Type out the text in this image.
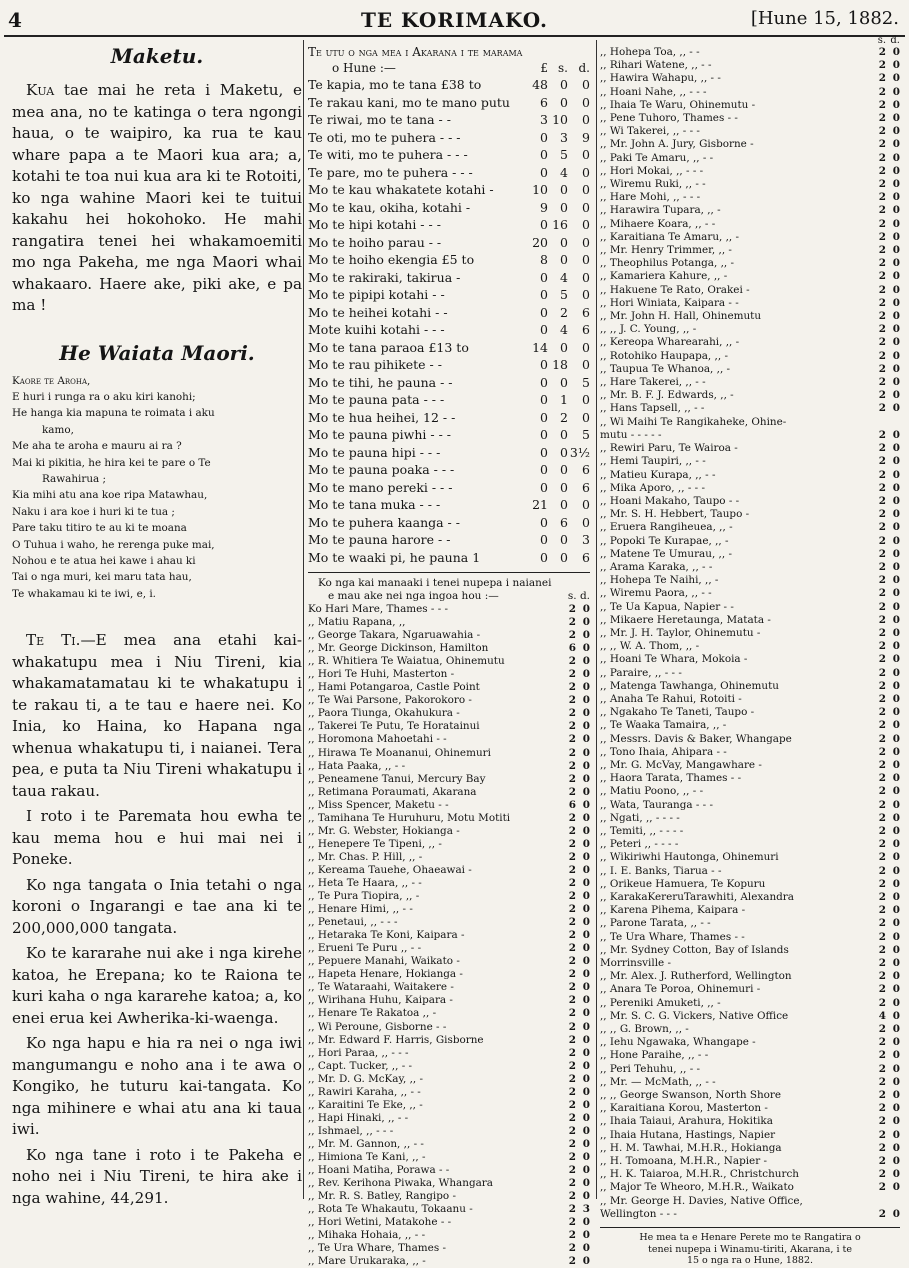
4	TE KORIMAKO.	[Hune 15, 1882.
Maketu.

Kua tae mai he reta i Maketu, e mea ana, no te katinga o tera ngongi haua, o te waipiro, ka rua te kau whare papa a te Maori kua ara; a, kotahi te toa nui kua ara ki te Rotoiti, ko nga wahine Maori kei te tuitui kakahu hei hokohoko. He mahi rangatira tenei hei whakamoemiti mo nga Pakeha, me nga Maori whai whakaaro. Haere ake, piki ake, e pa ma !

He Waiata Maori.
Kaore te Aroha,
E huri i runga ra o aku kiri kanohi;
He hanga kia mapuna te roimata i aku
kamo,
Me aha te aroha e mauru ai ra ?
Mai ki pikitia, he hira kei te pare o Te
Rawahirua ;
Kia mihi atu ana koe ripa Matawhau,
Naku i ara koe i huri ki te tua ;
Pare taku titiro te au ki te moana
O Tuhua i waho, he rerenga puke mai,
Nohou e te atua hei kawe i ahau ki
Tai o nga muri, kei maru tata hau,
Te whakamau ki te iwi, e, i.

Te Ti.—E mea ana etahi kai-whakatupu mea i Niu Tireni, kia whakamatamatau ki te whakatupu i te rakau ti, a te tau e haere nei. Ko Inia, ko Haina, ko Hapana nga whenua whakatupu ti, i naianei. Tera pea, e puta ta Niu Tireni whakatupu i taua rakau.

I roto i te Paremata hou ewha te kau mema hou e hui mai nei i Poneke.

Ko nga tangata o Inia tetahi o nga koroni o Ingarangi e tae ana ki te 200,000,000 tangata.

Ko te kararahe nui ake i nga kirehe katoa, he Erepana; ko te Raiona te kuri kaha o nga kararehe katoa; a, ko enei erua kei Awherika-ki-waenga.

Ko nga hapu e hia ra nei o nga iwi mangumangu e noho ana i te awa o Kongiko, he tuturu kai-tangata. Ko nga mihinere e whai atu ana ki taua iwi.

Ko nga tane i roto i te Pakeha e noho nei i Niu Tireni, te hira ake i nga wahine, 44,291.

Te utu o nga mea i Akarana i te marama
o Hune :—	£ s. d.
Te kapia, mo te tana £38 to	48 0	0
Te rakau kani, mo te mano putu	6 0	0
Te riwai, mo te tana - -	3 10	0
Te oti, mo te puhera - - -	0 3	9
Te witi, mo te puhera - - -	0 5	0
Te pare, mo te puhera - - -	0 4	0
Mo te kau whakatete kotahi -	10 0	0
Mo te kau, okiha, kotahi -	9 0	0
Mo te hipi kotahi - - -	0 16	0
Mo te hoiho parau - -	20 0	0
Mo te hoiho ekengia £5 to	8 0	0
Mo te rakiraki, takirua -	0 4	0
Mo te pipipi kotahi - -	0 5	0
Mo te heihei kotahi - -	0 2	6
Mote kuihi kotahi - - -	0 4	6
Mo te tana paraoa £13 to	14 0	0
Mo te rau pihikete - -	0 18	0
Mo te tihi, he pauna - -	0 0	5
Mo te pauna pata - - -	0 1	0
Mo te hua heihei, 12 - -	0 2	0
Mo te pauna piwhi - - -	0 0	5
Mo te pauna hipi - - -	0 0 3½
Mo te pauna poaka - - -	0 0	6
Mo te mano pereki - - -	0 0	6
Mo te tana muka - - -	21 0	0
Mo te puhera kaanga - -	0 6	0
Mo te pauna harore - -	0 0	3
Mo te waaki pi, he pauna 1	0 0	6
Ko nga kai manaaki i tenei nupepa i naianei
e mau ake nei nga ingoa hou :—	s. d.
Ko Hari Mare, Thames - - -	2 0
,, Matiu Rapana, ,,	2 0
,, George Takara, Ngaruawahia -	2 0
,, Mr. George Dickinson, Hamilton	6 0
,, R. Whitiera Te Waiatua, Ohinemutu	2 0
,, Hori Te Huhi, Masterton -	2 0
,, Hami Potangaroa, Castle Point	2 0
,, Te Wai Parsone, Pakorokoro -	2 0
,, Paora Tiunga, Okahukura -	2 0
,, Takerei Te Putu, Te Horatainui	2 0
,, Horomona Mahoetahi - -	2 0
,, Hirawa Te Moananui, Ohinemuri	2 0
,, Hata Paaka, ,, - -	2 0
,, Peneamene Tanui, Mercury Bay	2 0
,, Retimana Poraumati, Akarana	2 0
,, Miss Spencer, Maketu - -	6 0
,, Tamihana Te Huruhuru, Motu Motiti	2 0
,, Mr. G. Webster, Hokianga -	2 0
,, Henepere Te Tipeni, ,, -	2 0
,, Mr. Chas. P. Hill, ,, -	2 0
,, Kereama Tauehe, Ohaeawai -	2 0
,, Heta Te Haara, ,, - -	2 0
,, Te Pura Tiopira, ,, -	2 0
,, Henare Himi, ,, - -	2 0
,, Penetaui, ,, - - -	2 0
,, Hetaraka Te Koni, Kaipara -	2 0
,, Erueni Te Puru ,, - -	2 0
,, Pepuere Manahi, Waikato -	2 0
,, Hapeta Henare, Hokianga -	2 0
,, Te Wataraahi, Waitakere -	2 0
,, Wirihana Huhu, Kaipara -	2 0
,, Henare Te Rakatoa ,, -	2 0
,, Wi Peroune, Gisborne - -	2 0
,, Mr. Edward F. Harris, Gisborne	2 0
,, Hori Paraa, ,, - - -	2 0
,, Capt. Tucker, ,, - -	2 0
,, Mr. D. G. McKay, ,, -	2 0
,, Rawiri Karaha, ,, - -	2 0
,, Karaitini Te Eke, ,, -	2 0
,, Hapi Hinaki, ,, - -	2 0
,, Ishmael, ,, - - -	2 0
,, Mr. M. Gannon, ,, - -	2 0
,, Himiona Te Kani, ,, -	2 0
,, Hoani Matiha, Porawa - -	2 0
,, Rev. Kerihona Piwaka, Whangara	2 0
,, Mr. R. S. Batley, Rangipo -	2 0
,, Rota Te Whakautu, Tokaanu -	2 3
,, Hori Wetini, Matakohe - -	2 0
,, Mihaka Hohaia, ,, - -	2 0
,, Te Ura Whare, Thames -	2 0
,, Mare Urukaraka, ,, -	2 0
s. d.
,, Hohepa Toa, ,, - -	2 0
,, Rihari Watene, ,, - -	2 0
,, Hawira Wahapu, ,, - -	2 0
,, Hoani Nahe, ,, - - -	2 0
,, Ihaia Te Waru, Ohinemutu -	2 0
,, Pene Tuhoro, Thames - -	2 0
,, Wi Takerei, ,, - - -	2 0
,, Mr. John A. Jury, Gisborne -	2 0
,, Paki Te Amaru, ,, - -	2 0
,, Hori Mokai, ,, - - -	2 0
,, Wiremu Ruki, ,, - -	2 0
,, Hare Mohi, ,, - - -	2 0
,, Harawira Tupara, ,, -	2 0
,, Mihaere Koara, ,, - -	2 0
,, Karaitiana Te Amaru, ,, -	2 0
,, Mr. Henry Trimmer, ,, -	2 0
,, Theophilus Potanga, ,, -	2 0
,, Kamariera Kahure, ,, -	2 0
,, Hakuene Te Rato, Orakei -	2 0
,, Hori Winiata, Kaipara - -	2 0
,, Mr. John H. Hall, Ohinemutu	2 0
,, ,, J. C. Young, ,, -	2 0
,, Kereopa Wharearahi, ,, -	2 0
,, Rotohiko Haupapa, ,, -	2 0
,, Taupua Te Whanoa, ,, -	2 0
,, Hare Takerei, ,, - -	2 0
,, Mr. B. F. J. Edwards, ,, -	2 0
,, Hans Tapsell, ,, - -	2 0
,, Wi Maihi Te Rangikaheke, Ohine-
mutu - - - - -	2 0
,, Rewiri Paru, Te Wairoa -	2 0
,, Hemi Taupiri, ,, - -	2 0
,, Matieu Kurapa, ,, - -	2 0
,, Mika Aporo, ,, - - -	2 0
,, Hoani Makaho, Taupo - -	2 0
,, Mr. S. H. Hebbert, Taupo -	2 0
,, Eruera Rangiheuea, ,, -	2 0
,, Popoki Te Kurapae, ,, -	2 0
,, Matene Te Umurau, ,, -	2 0
,, Arama Karaka, ,, - -	2 0
,, Hohepa Te Naihi, ,, -	2 0
,, Wiremu Paora, ,, - -	2 0
,, Te Ua Kapua, Napier - -	2 0
,, Mikaere Heretaunga, Matata -	2 0
,, Mr. J. H. Taylor, Ohinemutu -	2 0
,, ,, W. A. Thom, ,, -	2 0
,, Hoani Te Whara, Mokoia -	2 0
,, Paraire, ,, - - -	2 0
,, Matenga Tawhanga, Ohinemutu	2 0
,, Anaha Te Rahui, Rotoiti -	2 0
,, Ngakaho Te Taneti, Taupo -	2 0
,, Te Waaka Tamaira, ,, -	2 0
,, Messrs. Davis & Baker, Whangape	2 0
,, Tono Ihaia, Ahipara - -	2 0
,, Mr. G. McVay, Mangawhare -	2 0
,, Haora Tarata, Thames - -	2 0
,, Matiu Poono, ,, - -	2 0
,, Wata, Tauranga - - -	2 0
,, Ngati, ,, - - - -	2 0
,, Temiti, ,, - - - -	2 0
,, Peteri ,, - - - -	2 0
,, Wikiriwhi Hautonga, Ohinemuri	2 0
,, I. E. Banks, Tiarua - -	2 0
,, Orikeue Hamuera, Te Kopuru	2 0
,, KarakaKereruTarawhiti, Alexandra	2 0
,, Karena Pihema, Kaipara -	2 0
,, Parone Tarata, ,, - -	2 0
,, Te Ura Whare, Thames - -	2 0
,, Mr. Sydney Cotton, Bay of Islands	2 0
Morrinsville -	2 0
,, Mr. Alex. J. Rutherford, Wellington	2 0
,, Anara Te Poroa, Ohinemuri -	2 0
,, Pereniki Amuketi, ,, -	2 0
,, Mr. S. C. G. Vickers, Native Office	4 0
,, ,, G. Brown, ,, -	2 0
,, Iehu Ngawaka, Whangape -	2 0
,, Hone Paraihe, ,, - -	2 0
,, Peri Tehuhu, ,, - -	2 0
,, Mr. — McMath, ,, - -	2 0
,, ,, George Swanson, North Shore	2 0
,, Karaitiana Korou, Masterton -	2 0
,, Ihaia Taiaui, Arahura, Hokitika	2 0
,, Ihaia Hutana, Hastings, Napier	2 0
,, H. M. Tawhai, M.H.R., Hokianga	2 0
,, H. Tomoana, M.H.R., Napier -	2 0
,, H. K. Taiaroa, M.H.R., Christchurch	2 0
,, Major Te Wheoro, M.H.R., Waikato	2 0
,, Mr. George H. Davies, Native Office,
Wellington - - -	2 0
He mea ta e Henare Perete mo te Rangatira o
tenei nupepa i Winamu-tiriti, Akarana, i te
15 o nga ra o Hune, 1882.
